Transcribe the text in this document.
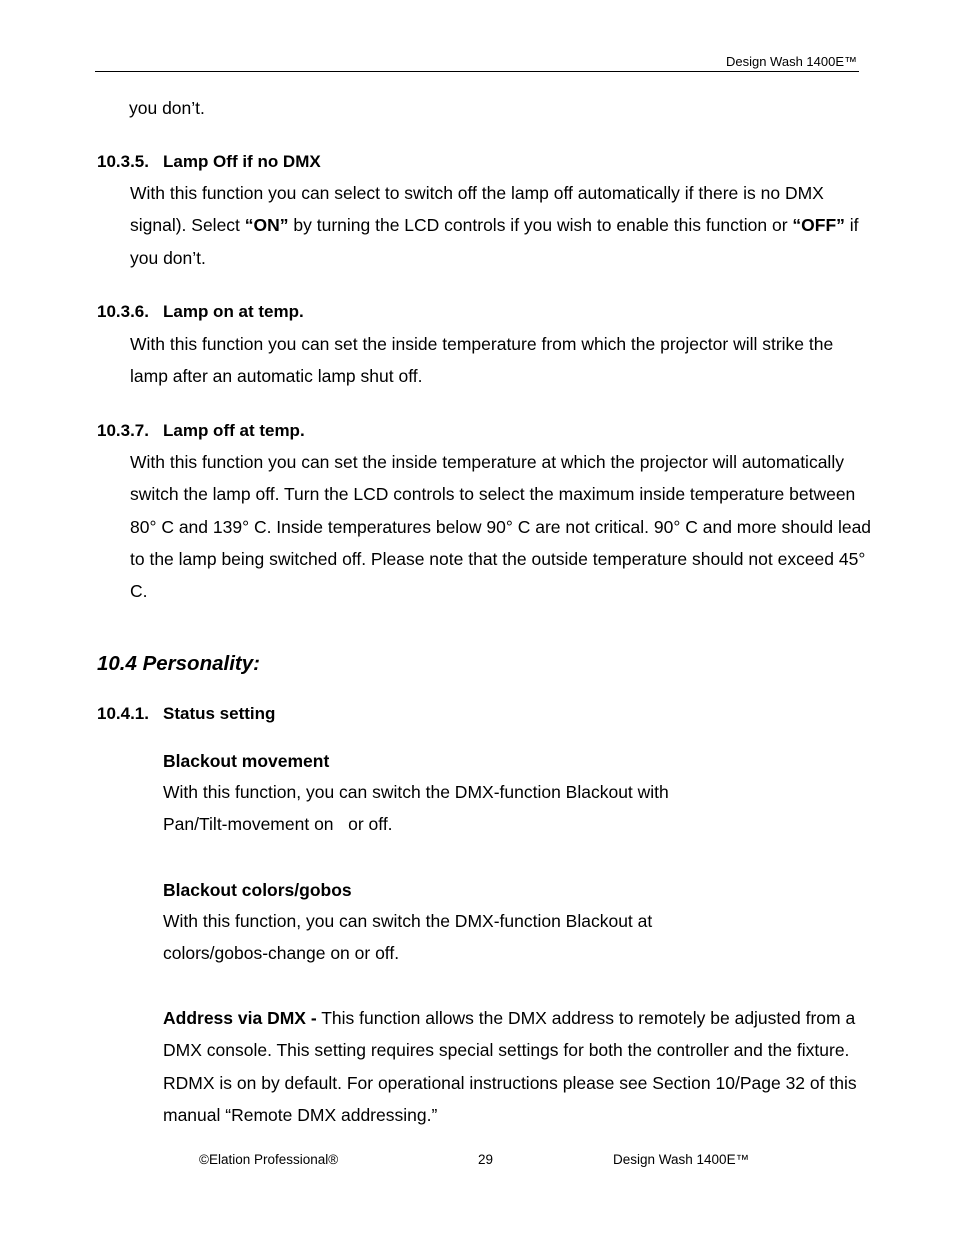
Design Wash 1400E™

you don’t.

10.3.5. Lamp Off if no DMX

With this function you can select to switch off the lamp off automatically if there is no DMX signal). Select “ON” by turning the LCD controls if you wish to enable this function or “OFF” if you don’t.

10.3.6. Lamp on at temp.

With this function you can set the inside temperature from which the projector will strike the lamp after an automatic lamp shut off.

10.3.7. Lamp off at temp.

With this function you can set the inside temperature at which the projector will automatically switch the lamp off. Turn the LCD controls to select the maximum inside temperature between 80° C and 139° C. Inside temperatures below 90° C are not critical. 90° C and more should lead to the lamp being switched off. Please note that the outside temperature should not exceed 45° C.

10.4 Personality:
10.4.1. Status setting
Blackout movement

With this function, you can switch the DMX-function Blackout with

Pan/Tilt-movement on   or off.

Blackout colors/gobos

With this function, you can switch the DMX-function Blackout at

colors/gobos-change on or off.

Address via DMX - This function allows the DMX address to remotely be adjusted from a DMX console. This setting requires special settings for both the controller and the fixture. RDMX is on by default. For operational instructions please see Section 10/Page 32 of this manual “Remote DMX addressing.”

©Elation Professional®	29	Design Wash 1400E™
